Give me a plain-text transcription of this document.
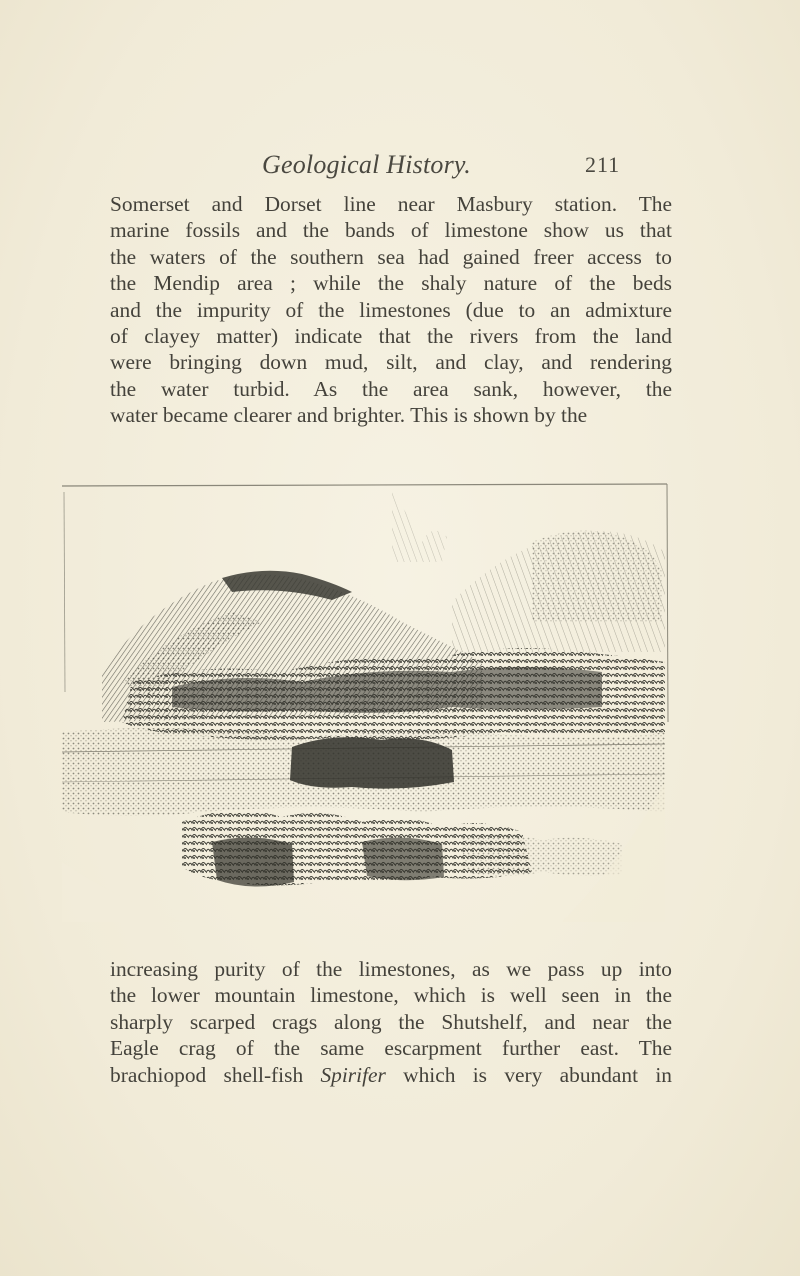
Geological History.	211
Somerset and Dorset line near Masbury station. The
marine fossils and the bands of limestone show us that
the waters of the southern sea had gained freer access to
the Mendip area ; while the shaly nature of the beds
and the impurity of the limestones (due to an admixture
of clayey matter) indicate that the rivers from the land
were bringing down mud, silt, and clay, and rendering
the water turbid. As the area sank, however, the
water became clearer and brighter. This is shown by the
increasing purity of the limestones, as we pass up into
the lower mountain limestone, which is well seen in the
sharply scarped crags along the Shutshelf, and near the
Eagle crag of the same escarpment further east. The
brachiopod shell-fish Spirifer which is very abundant in
